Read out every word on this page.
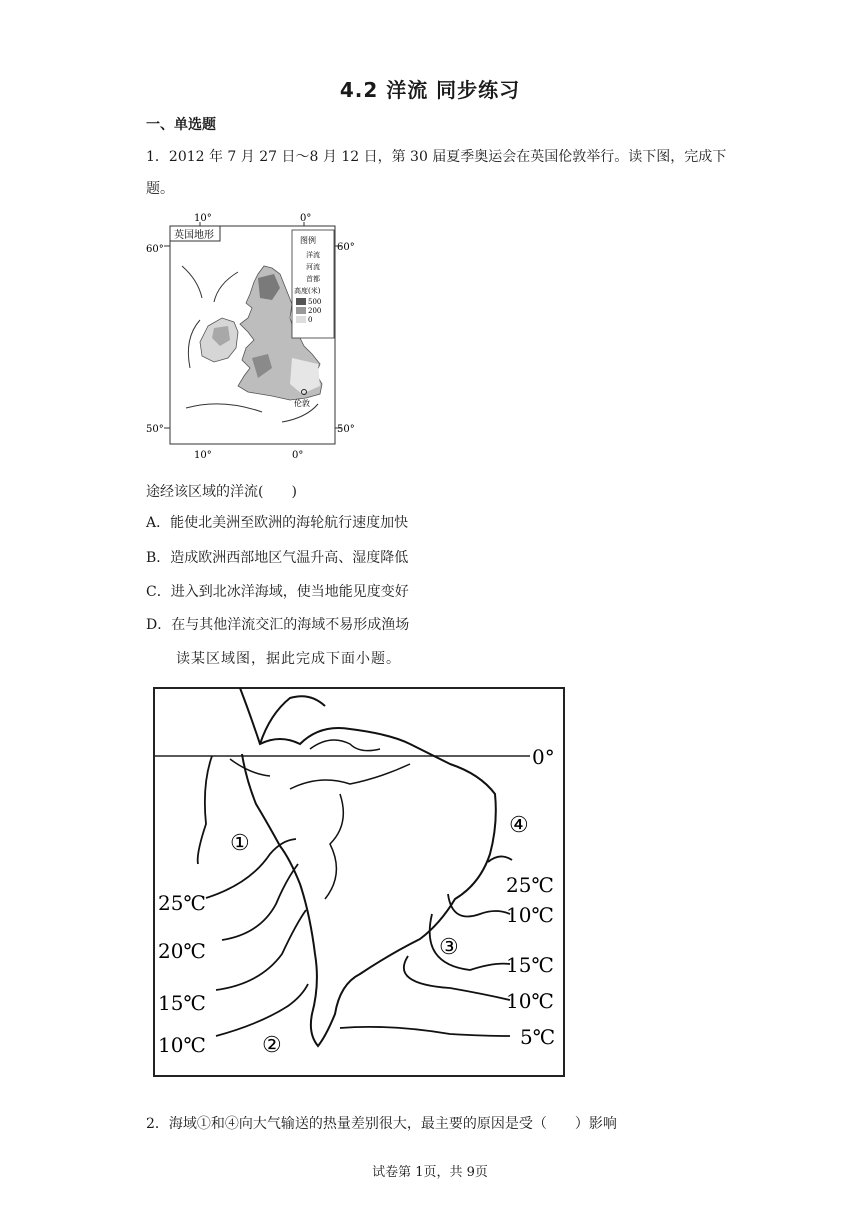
4.2 洋流 同步练习
一、单选题
1．2012 年 7 月 27 日～8 月 12 日，第 30 届夏季奥运会在英国伦敦举行。读下图，完成下题。
10°	0°
10°	0°
60°	60°
50°	50°
英国地形
伦敦
图例
洋流
河流
首都
高度(米)
500
200
0
途经该区域的洋流(　　)
A．能使北美洲至欧洲的海轮航行速度加快
B．造成欧洲西部地区气温升高、湿度降低
C．进入到北冰洋海域，使当地能见度变好
D．在与其他洋流交汇的海域不易形成渔场
读某区域图，据此完成下面小题。
0°
①
②
③
④
25℃
20℃
15℃
10℃
25℃
10℃
15℃
10℃
5℃
2．海域①和④向大气输送的热量差别很大，最主要的原因是受（　　）影响
试卷第 1页，共 9页
